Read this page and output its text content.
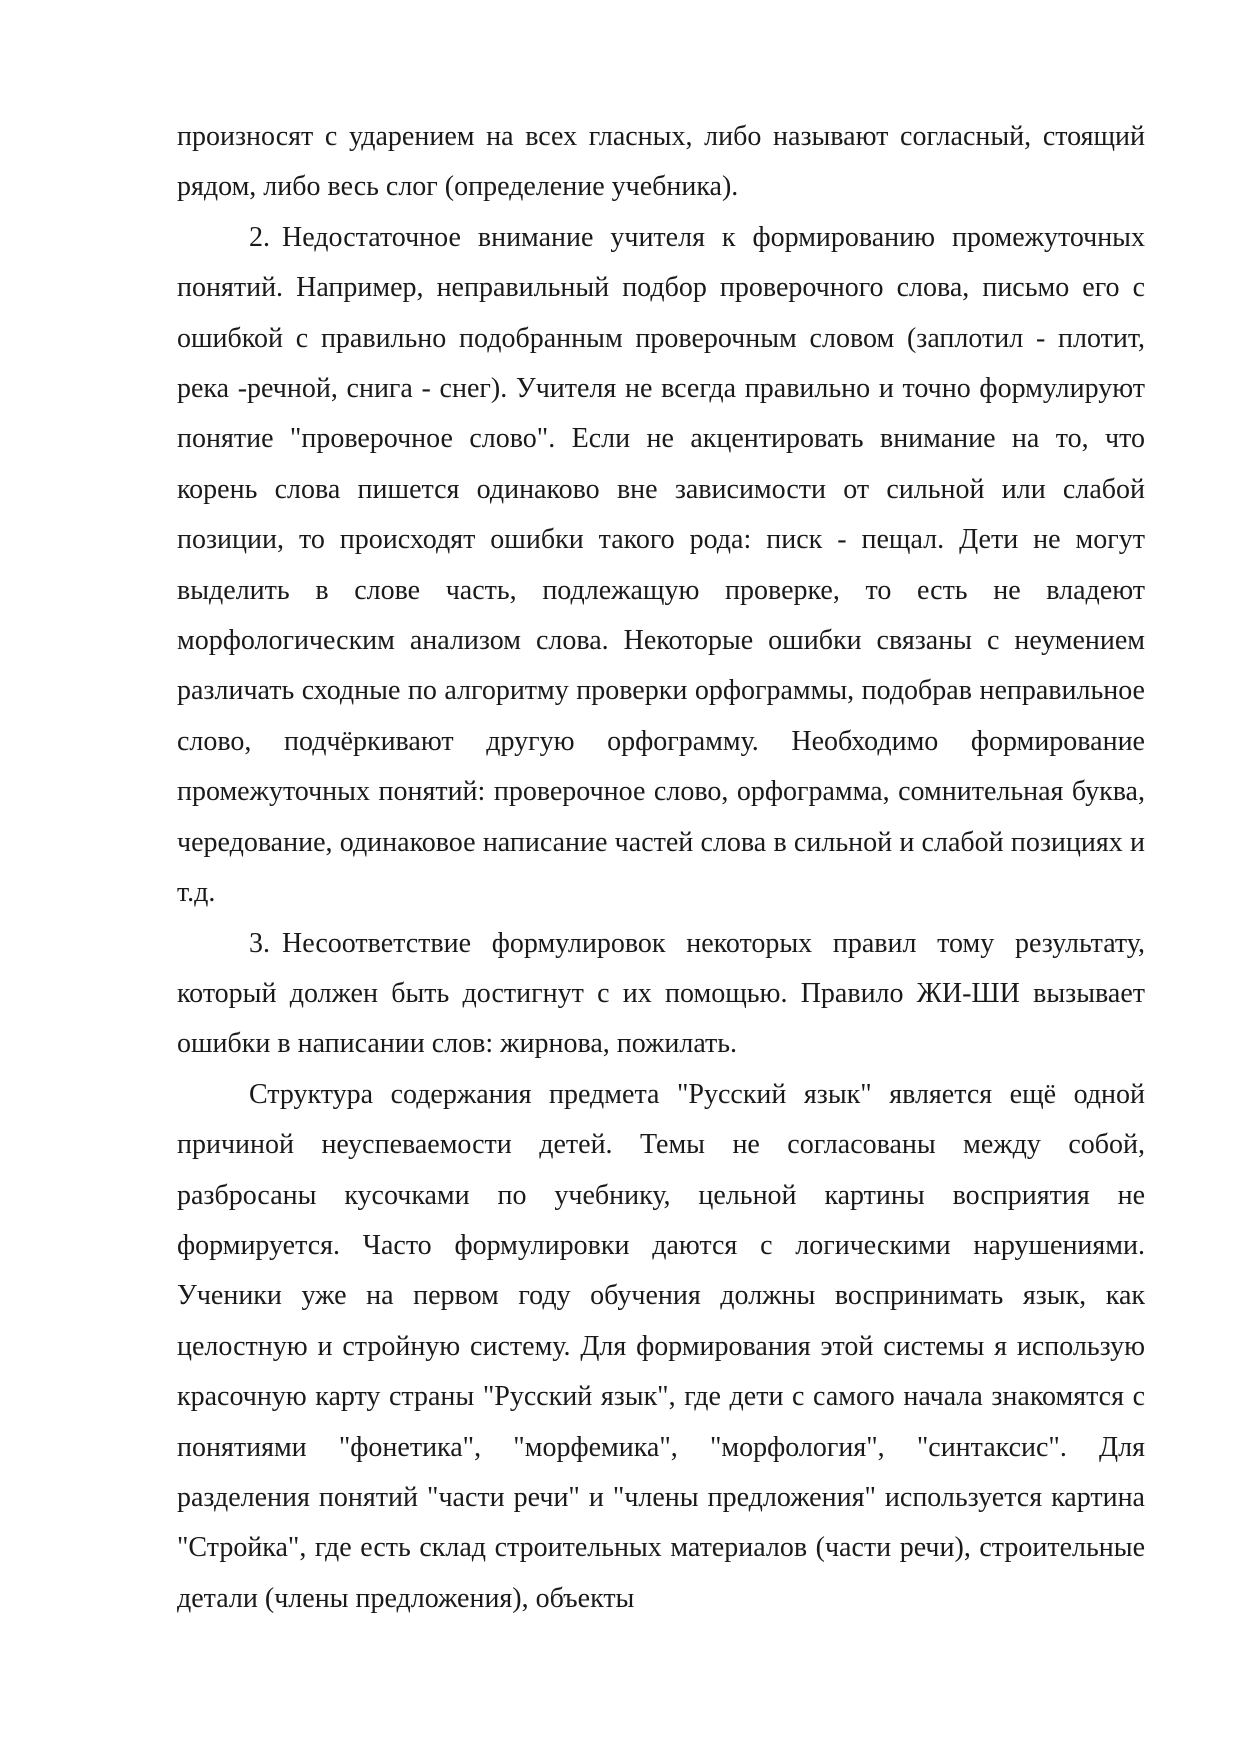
произносят с ударением на всех гласных, либо называют согласный, стоящий рядом, либо весь слог (определение учебника).

2. Недостаточное внимание учителя к формированию промежуточных понятий. Например, неправильный подбор проверочного слова, письмо его с ошибкой с правильно подобранным проверочным словом (заплотил - плотит, река -речной, снига - снег). Учителя не всегда правильно и точно формулируют понятие "проверочное слово". Если не акцентировать внимание на то, что корень слова пишется одинаково вне зависимости от сильной или слабой позиции, то происходят ошибки такого рода: писк - пещал. Дети не могут выделить в слове часть, подлежащую проверке, то есть не владеют морфологическим анализом слова. Некоторые ошибки связаны с неумением различать сходные по алгоритму проверки орфограммы, подобрав неправильное слово, подчёркивают другую орфограмму. Необходимо формирование промежуточных понятий: проверочное слово, орфограмма, сомнительная буква, чередование, одинаковое написание частей слова в сильной и слабой позициях и т.д.

3. Несоответствие формулировок некоторых правил тому результату, который должен быть достигнут с их помощью. Правило ЖИ-ШИ вызывает ошибки в написании слов: жирнова, пожилать.

Структура содержания предмета "Русский язык" является ещё одной причиной неуспеваемости детей. Темы не согласованы между собой, разбросаны кусочками по учебнику, цельной картины восприятия не формируется. Часто формулировки даются с логическими нарушениями. Ученики уже на первом году обучения должны воспринимать язык, как целостную и стройную систему. Для формирования этой системы я использую красочную карту страны "Русский язык", где дети с самого начала знакомятся с понятиями "фонетика", "морфемика", "морфология", "синтаксис". Для разделения понятий "части речи" и "члены предложения" используется картина "Стройка", где есть склад строительных материалов (части речи), строительные детали (члены предложения), объекты
